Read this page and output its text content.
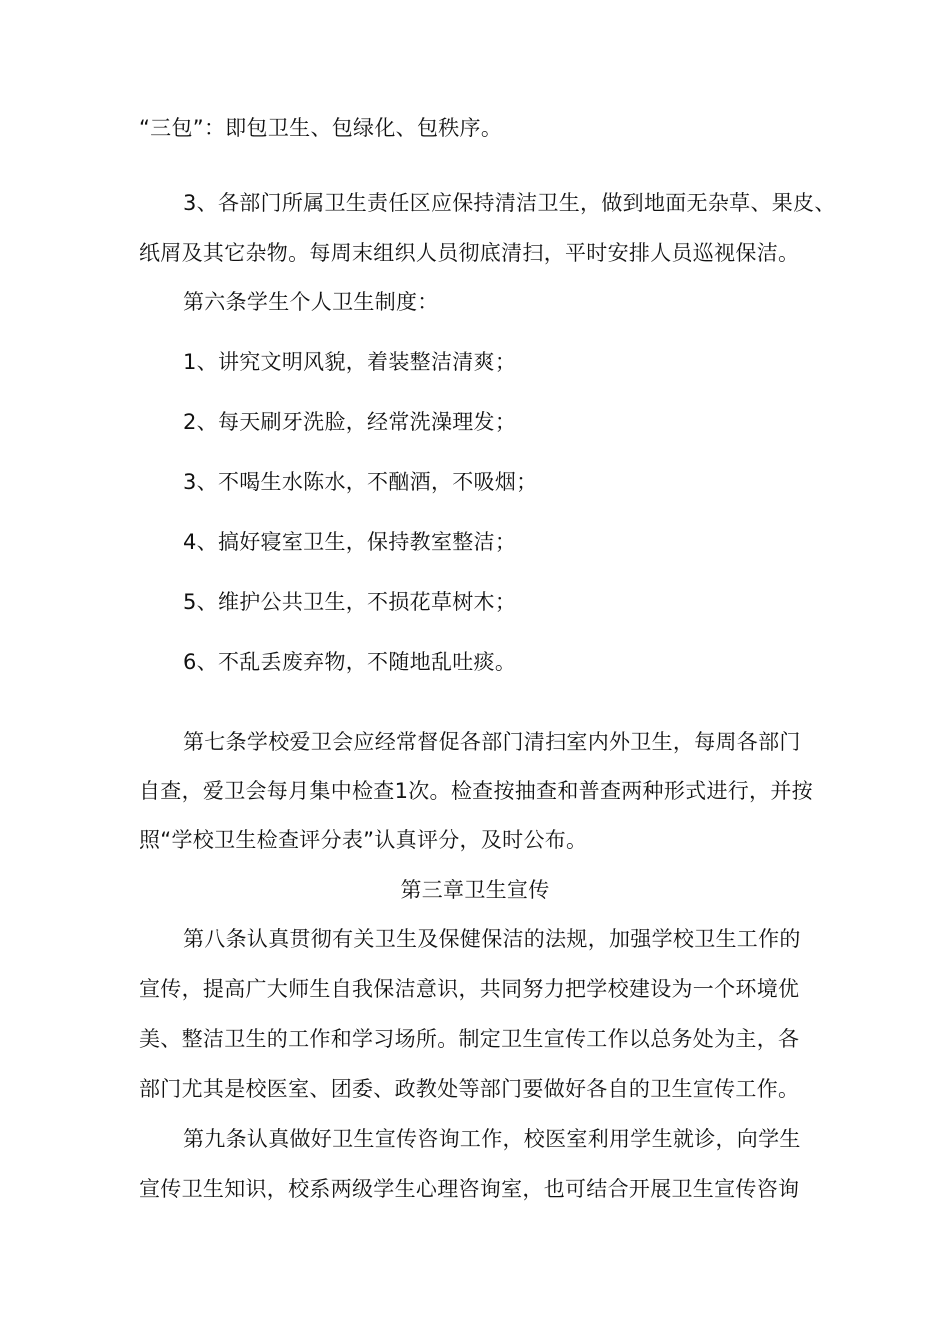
“三包”：即包卫生、包绿化、包秩序。
3、各部门所属卫生责任区应保持清洁卫生，做到地面无杂草、果皮、
纸屑及其它杂物。每周末组织人员彻底清扫，平时安排人员巡视保洁。
第六条学生个人卫生制度：
1、讲究文明风貌，着装整洁清爽；
2、每天刷牙洗脸，经常洗澡理发；
3、不喝生水陈水，不酗酒，不吸烟；
4、搞好寝室卫生，保持教室整洁；
5、维护公共卫生，不损花草树木；
6、不乱丢废弃物，不随地乱吐痰。
第七条学校爱卫会应经常督促各部门清扫室内外卫生，每周各部门
自查，爱卫会每月集中检查1次。检查按抽查和普查两种形式进行，并按
照“学校卫生检查评分表”认真评分，及时公布。
第三章卫生宣传
第八条认真贯彻有关卫生及保健保洁的法规，加强学校卫生工作的
宣传，提高广大师生自我保洁意识，共同努力把学校建设为一个环境优
美、整洁卫生的工作和学习场所。制定卫生宣传工作以总务处为主，各
部门尤其是校医室、团委、政教处等部门要做好各自的卫生宣传工作。
第九条认真做好卫生宣传咨询工作，校医室利用学生就诊，向学生
宣传卫生知识，校系两级学生心理咨询室，也可结合开展卫生宣传咨询
